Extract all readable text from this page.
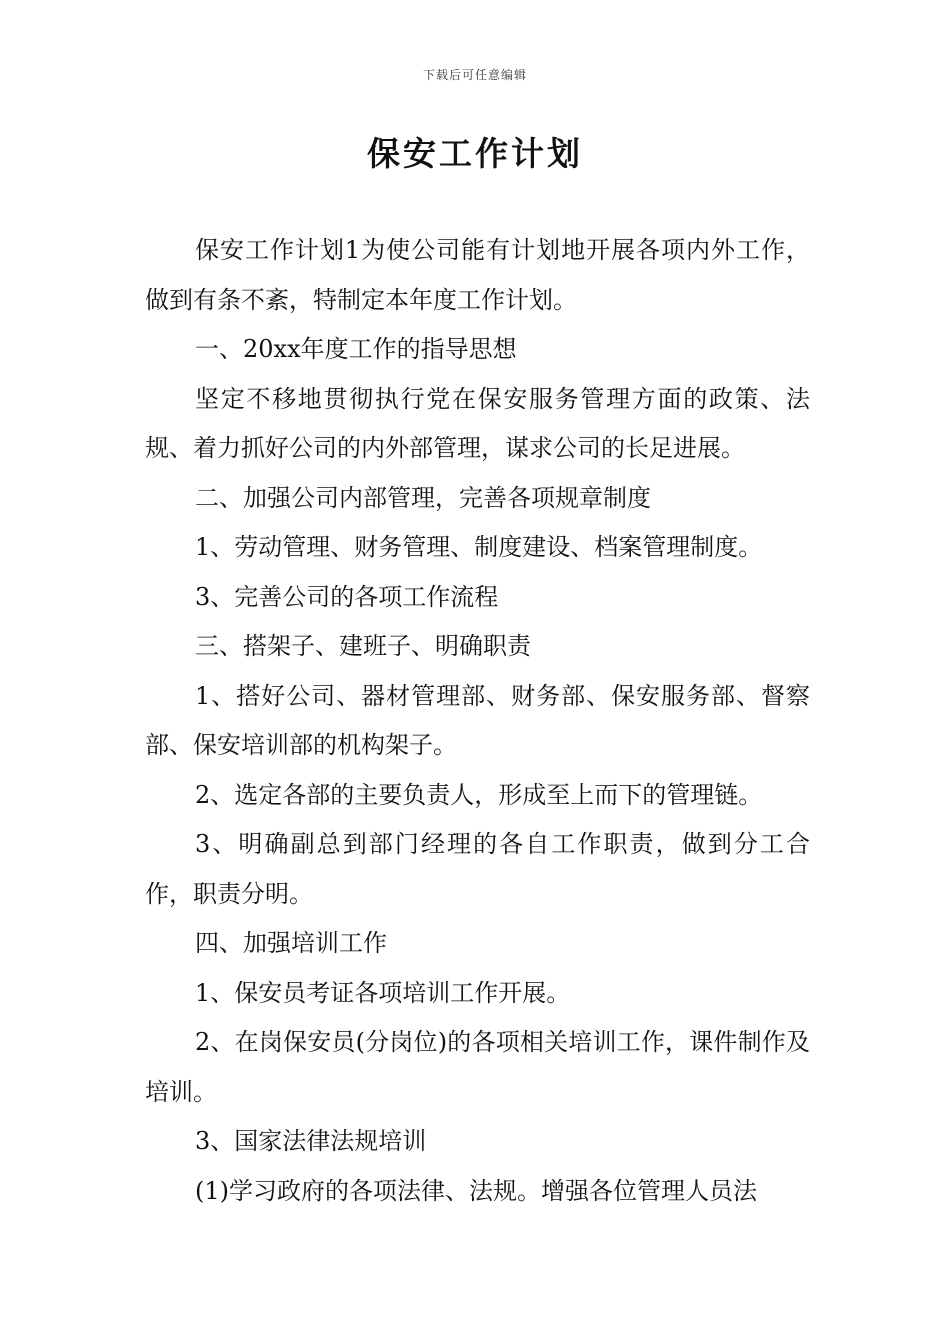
下载后可任意编辑
保安工作计划

保安工作计划1为使公司能有计划地开展各项内外工作，做到有条不紊，特制定本年度工作计划。

一、20xx年度工作的指导思想

坚定不移地贯彻执行党在保安服务管理方面的政策、法规、着力抓好公司的内外部管理，谋求公司的长足进展。

二、加强公司内部管理，完善各项规章制度

1、劳动管理、财务管理、制度建设、档案管理制度。

3、完善公司的各项工作流程

三、搭架子、建班子、明确职责

1、搭好公司、器材管理部、财务部、保安服务部、督察部、保安培训部的机构架子。

2、选定各部的主要负责人，形成至上而下的管理链。

3、明确副总到部门经理的各自工作职责，做到分工合作，职责分明。

四、加强培训工作

1、保安员考证各项培训工作开展。

2、在岗保安员(分岗位)的各项相关培训工作，课件制作及培训。

3、国家法律法规培训

(1)学习政府的各项法律、法规。增强各位管理人员法
